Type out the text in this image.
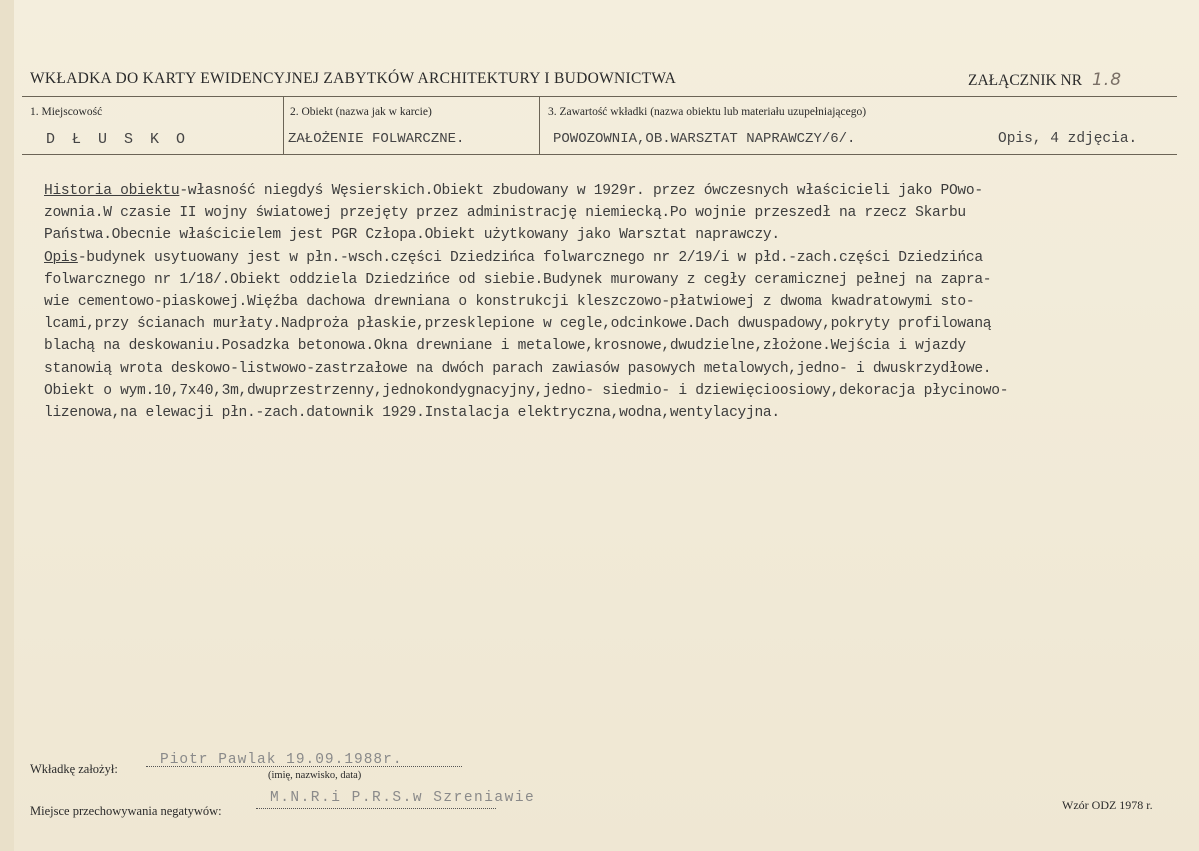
WKŁADKA DO KARTY EWIDENCYJNEJ ZABYTKÓW ARCHITEKTURY I BUDOWNICTWA	ZAŁĄCZNIK NR 1.8
1. Miejscowość	2. Obiekt (nazwa jak w karcie)	3. Zawartość wkładki (nazwa obiektu lub materiału uzupełniającego)
D Ł U S K O	ZAŁOŻENIE FOLWARCZNE.	POWOZOWNIA,OB.WARSZTAT NAPRAWCZY/6/.	Opis, 4 zdjęcia.

Historia obiektu-własność niegdyś Węsierskich.Obiekt zbudowany w 1929r. przez ówczesnych właścicieli jako POwo-

zownia.W czasie II wojny światowej przejęty przez administrację niemiecką.Po wojnie przeszedł na rzecz Skarbu

Państwa.Obecnie właścicielem jest PGR Człopa.Obiekt użytkowany jako Warsztat naprawczy.

Opis-budynek usytuowany jest w płn.-wsch.części Dziedzińca folwarcznego nr 2/19/i w płd.-zach.części Dziedzińca

folwarcznego nr 1/18/.Obiekt oddziela Dziedzińce od siebie.Budynek murowany z cegły ceramicznej pełnej na zapra-

wie cementowo-piaskowej.Więźba dachowa drewniana o konstrukcji kleszczowo-płatwiowej z dwoma kwadratowymi sto-

lcami,przy ścianach murłaty.Nadproża płaskie,przesklepione w cegle,odcinkowe.Dach dwuspadowy,pokryty profilowaną

blachą na deskowaniu.Posadzka betonowa.Okna drewniane i metalowe,krosnowe,dwudzielne,złożone.Wejścia i wjazdy

stanowią wrota deskowo-listwowo-zastrzałowe na dwóch parach zawiasów pasowych metalowych,jedno- i dwuskrzydłowe.

Obiekt o wym.10,7x40,3m,dwuprzestrzenny,jednokondygnacyjny,jedno- siedmio- i dziewięcioosiowy,dekoracja płycinowo-

lizenowa,na elewacji płn.-zach.datownik 1929.Instalacja elektryczna,wodna,wentylacyjna.

Wkładkę założył:
Piotr Pawlak 19.09.1988r.
(imię, nazwisko, data)
Miejsce przechowywania negatywów:
M.N.R.i P.R.S.w Szreniawie	Wzór ODZ 1978 r.
